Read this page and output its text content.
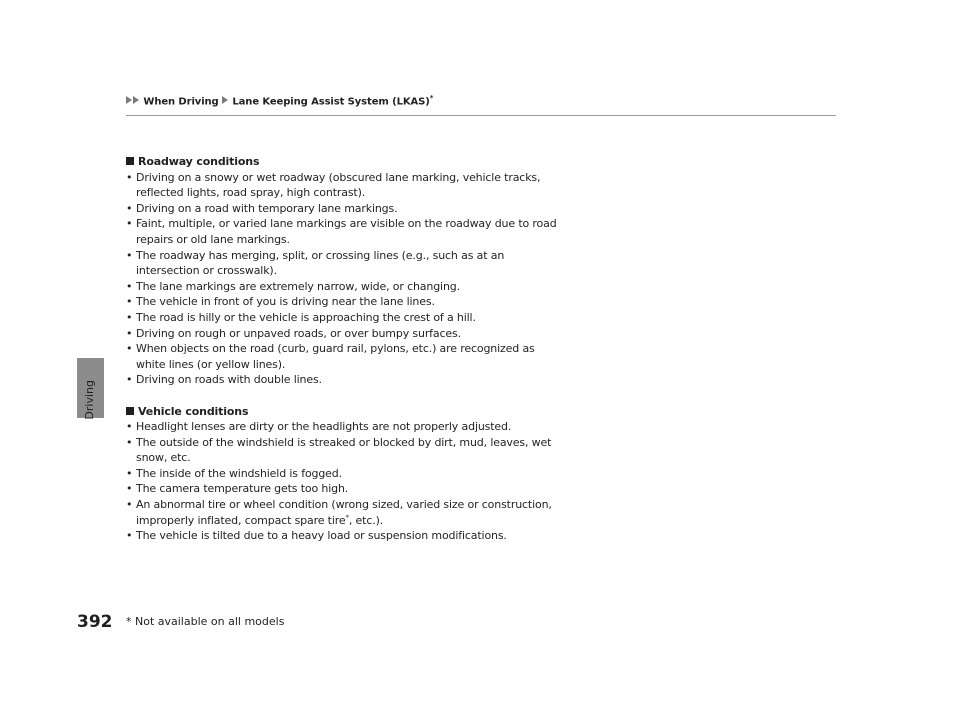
When Driving Lane Keeping Assist System (LKAS)*
Driving

Roadway conditions

• Driving on a snowy or wet roadway (obscured lane marking, vehicle tracks, reflected lights, road spray, high contrast).
• Driving on a road with temporary lane markings.
• Faint, multiple, or varied lane markings are visible on the roadway due to road repairs or old lane markings.
• The roadway has merging, split, or crossing lines (e.g., such as at an intersection or crosswalk).
• The lane markings are extremely narrow, wide, or changing.
• The vehicle in front of you is driving near the lane lines.
• The road is hilly or the vehicle is approaching the crest of a hill.
• Driving on rough or unpaved roads, or over bumpy surfaces.
• When objects on the road (curb, guard rail, pylons, etc.) are recognized as white lines (or yellow lines).
• Driving on roads with double lines.

Vehicle conditions

• Headlight lenses are dirty or the headlights are not properly adjusted.
• The outside of the windshield is streaked or blocked by dirt, mud, leaves, wet snow, etc.
• The inside of the windshield is fogged.
• The camera temperature gets too high.
• An abnormal tire or wheel condition (wrong sized, varied size or construction, improperly inflated, compact spare tire*, etc.).
• The vehicle is tilted due to a heavy load or suspension modifications.
392 * Not available on all models
